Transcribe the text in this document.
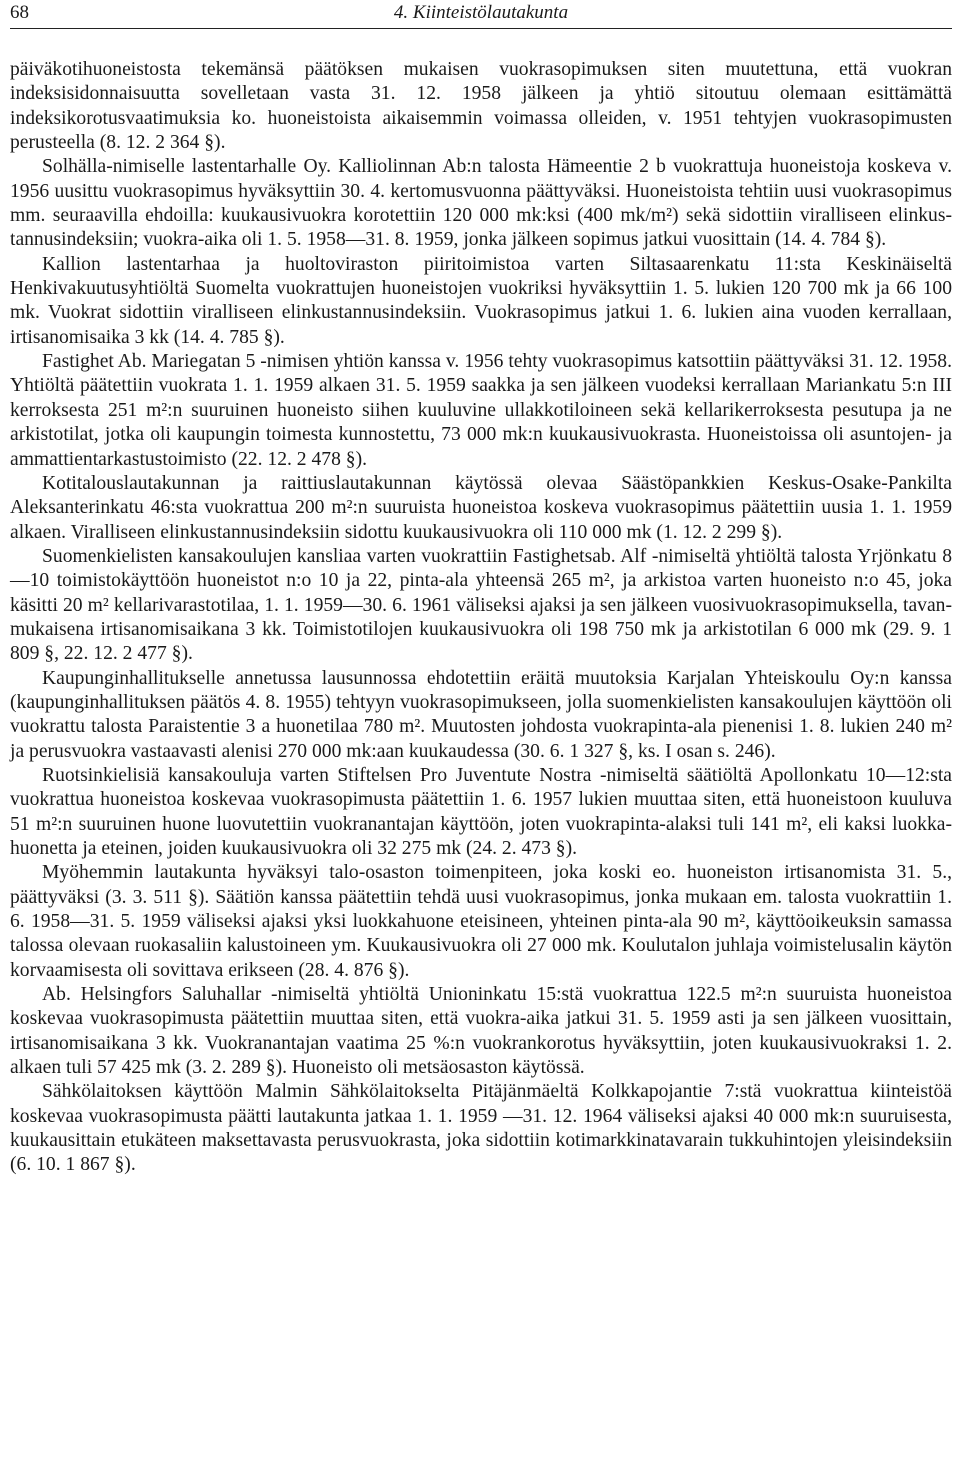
68	4. Kiinteistölautakunta

päiväkotihuoneistosta tekemänsä päätöksen mukaisen vuokrasopimuksen siten muutettuna, että vuokran indeksisidonnaisuutta sovelletaan vasta 31. 12. 1958 jälkeen ja yhtiö sitoutuu olemaan esittämättä indeksikorotusvaatimuksia ko. huoneistoista aikaisemmin voimassa olleiden, v. 1951 tehtyjen vuokrasopimusten perusteella (8. 12. 2 364 §).

Solhälla-nimiselle lastentarhalle Oy. Kalliolinnan Ab:n talosta Hämeentie 2 b vuokrattuja huoneistoja koskeva v. 1956 uusittu vuokrasopimus hyväksyttiin 30. 4. kertomusvuonna päättyväksi. Huoneistoista tehtiin uusi vuokrasopimus mm. seuraavilla ehdoilla: kuukausivuokra korotettiin 120 000 mk:ksi (400 mk/m²) sekä sidottiin viralliseen elinkustannusindeksiin; vuokra-aika oli 1. 5. 1958—31. 8. 1959, jonka jälkeen sopimus jatkui vuosittain (14. 4. 784 §).

Kallion lastentarhaa ja huoltoviraston piiritoimistoa varten Siltasaarenkatu 11:sta Keskinäiseltä Henkivakuutusyhtiöltä Suomelta vuokrattujen huoneistojen vuokriksi hyväksyttiin 1. 5. lukien 120 700 mk ja 66 100 mk. Vuokrat sidottiin viralliseen elinkustannusindeksiin. Vuokrasopimus jatkui 1. 6. lukien aina vuoden kerrallaan, irtisanomisaika 3 kk (14. 4. 785 §).

Fastighet Ab. Mariegatan 5 -nimisen yhtiön kanssa v. 1956 tehty vuokrasopimus katsottiin päättyväksi 31. 12. 1958. Yhtiöltä päätettiin vuokrata 1. 1. 1959 alkaen 31. 5. 1959 saakka ja sen jälkeen vuodeksi kerrallaan Mariankatu 5:n III kerroksesta 251 m²:n suuruinen huoneisto siihen kuuluvine ullakkotiloineen sekä kellarikerroksesta pesutupa ja ne arkistotilat, jotka oli kaupungin toimesta kunnostettu, 73 000 mk:n kuukausivuokrasta. Huoneistoissa oli asuntojen- ja ammattientarkastustoimisto (22. 12. 2 478 §).

Kotitalouslautakunnan ja raittiuslautakunnan käytössä olevaa Säästöpankkien Keskus-Osake-Pankilta Aleksanterinkatu 46:sta vuokrattua 200 m²:n suuruista huoneistoa koskeva vuokrasopimus päätettiin uusia 1. 1. 1959 alkaen. Viralliseen elinkustannusindeksiin sidottu kuukausivuokra oli 110 000 mk (1. 12. 2 299 §).

Suomenkielisten kansakoulujen kansliaa varten vuokrattiin Fastighetsab. Alf -nimiseltä yhtiöltä talosta Yrjönkatu 8—10 toimistokäyttöön huoneistot n:o 10 ja 22, pinta-ala yhteensä 265 m², ja arkistoa varten huoneisto n:o 45, joka käsitti 20 m² kellarivarastotilaa, 1. 1. 1959—30. 6. 1961 väliseksi ajaksi ja sen jälkeen vuosivuokrasopimuksella, tavanmukaisena irtisanomisaikana 3 kk. Toimistotilojen kuukausivuokra oli 198 750 mk ja arkistotilan 6 000 mk (29. 9. 1 809 §, 22. 12. 2 477 §).

Kaupunginhallitukselle annetussa lausunnossa ehdotettiin eräitä muutoksia Karjalan Yhteiskoulu Oy:n kanssa (kaupunginhallituksen päätös 4. 8. 1955) tehtyyn vuokrasopimukseen, jolla suomenkielisten kansakoulujen käyttöön oli vuokrattu talosta Paraistentie 3 a huonetilaa 780 m². Muutosten johdosta vuokrapinta-ala pienenisi 1. 8. lukien 240 m² ja perusvuokra vastaavasti alenisi 270 000 mk:aan kuukaudessa (30. 6. 1 327 §, ks. I osan s. 246).

Ruotsinkielisiä kansakouluja varten Stiftelsen Pro Juventute Nostra -nimiseltä säätiöltä Apollonkatu 10—12:sta vuokrattua huoneistoa koskevaa vuokrasopimusta päätettiin 1. 6. 1957 lukien muuttaa siten, että huoneistoon kuuluva 51 m²:n suuruinen huone luovutettiin vuokranantajan käyttöön, joten vuokrapinta-alaksi tuli 141 m², eli kaksi luokkahuonetta ja eteinen, joiden kuukausivuokra oli 32 275 mk (24. 2. 473 §).

Myöhemmin lautakunta hyväksyi talo-osaston toimenpiteen, joka koski eo. huoneiston irtisanomista 31. 5., päättyväksi (3. 3. 511 §). Säätiön kanssa päätettiin tehdä uusi vuokrasopimus, jonka mukaan em. talosta vuokrattiin 1. 6. 1958—31. 5. 1959 väliseksi ajaksi yksi luokkahuone eteisineen, yhteinen pinta-ala 90 m², käyttöoikeuksin samassa talossa olevaan ruokasaliin kalustoineen ym. Kuukausivuokra oli 27 000 mk. Koulutalon juhlaja voimistelusalin käytön korvaamisesta oli sovittava erikseen (28. 4. 876 §).

Ab. Helsingfors Saluhallar -nimiseltä yhtiöltä Unioninkatu 15:stä vuokrattua 122.5 m²:n suuruista huoneistoa koskevaa vuokrasopimusta päätettiin muuttaa siten, että vuokra-aika jatkui 31. 5. 1959 asti ja sen jälkeen vuosittain, irtisanomisaikana 3 kk. Vuokranantajan vaatima 25 %:n vuokrankorotus hyväksyttiin, joten kuukausivuokraksi 1. 2. alkaen tuli 57 425 mk (3. 2. 289 §). Huoneisto oli metsäosaston käytössä.

Sähkölaitoksen käyttöön Malmin Sähkölaitokselta Pitäjänmäeltä Kolkkapojantie 7:stä vuokrattua kiinteistöä koskevaa vuokrasopimusta päätti lautakunta jatkaa 1. 1. 1959 —31. 12. 1964 väliseksi ajaksi 40 000 mk:n suuruisesta, kuukausittain etukäteen maksettavasta perusvuokrasta, joka sidottiin kotimarkkinatavarain tukkuhintojen yleisindeksiin (6. 10. 1 867 §).
